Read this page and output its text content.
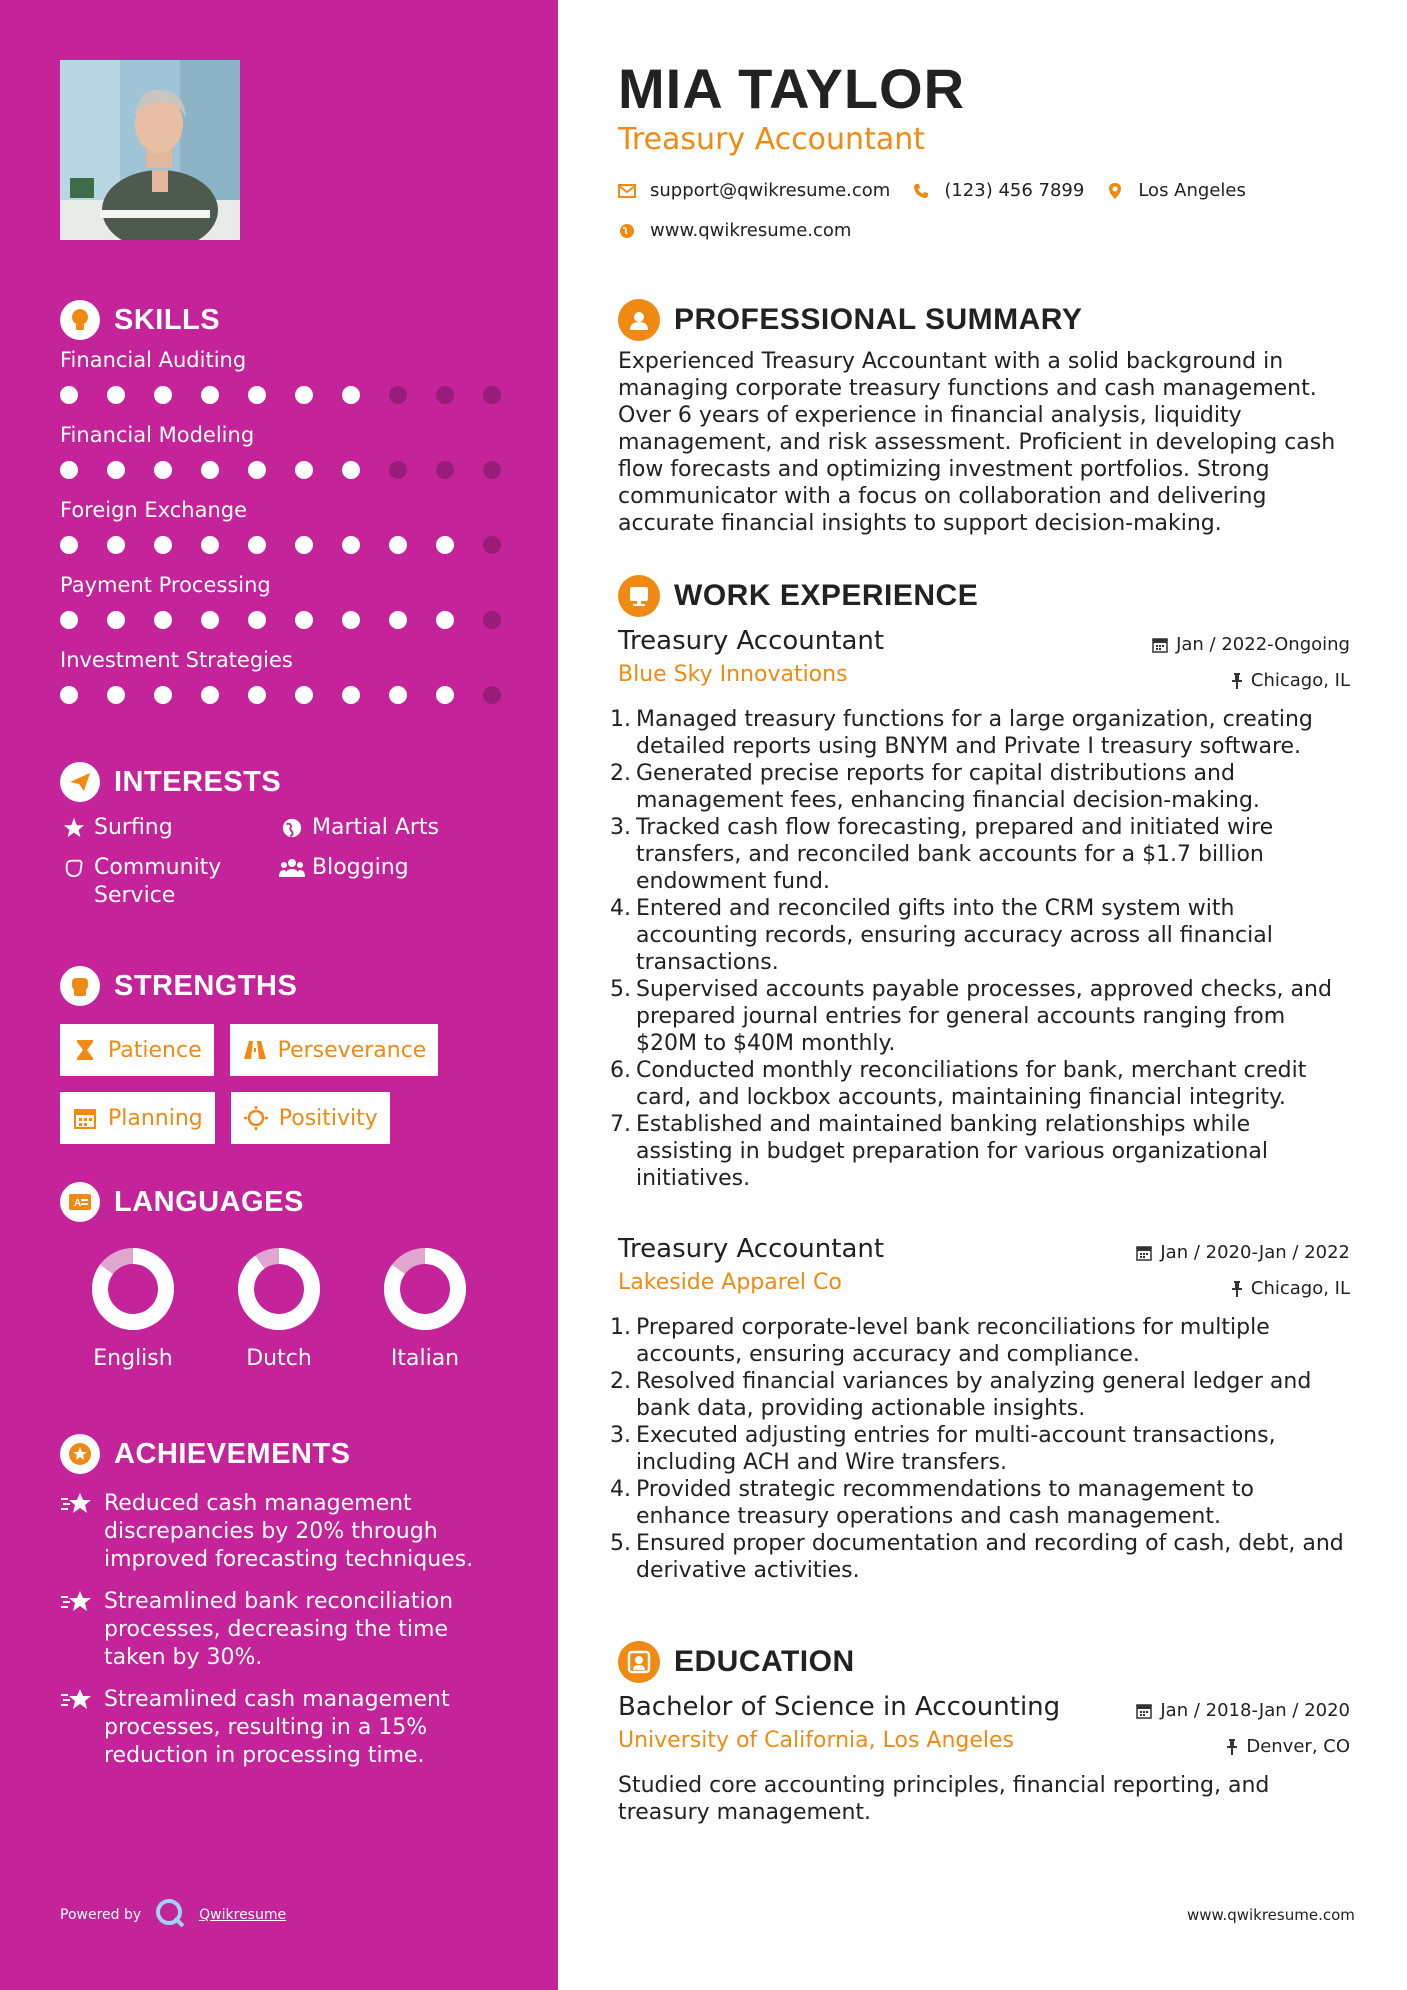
SKILLS
Financial Auditing
Financial Modeling
Foreign Exchange
Payment Processing
Investment Strategies
INTERESTS
Surfing	Martial Arts
Community Service
Blogging
STRENGTHS
Patience	Perseverance
Planning	Positivity
A LANGUAGES
English	Dutch	Italian
ACHIEVEMENTS
Reduced cash management discrepancies by 20% through improved forecasting techniques.
Streamlined bank reconciliation processes, decreasing the time taken by 30%.
Streamlined cash management processes, resulting in a 15% reduction in processing time.
Powered by	Qwikresume
MIA TAYLOR
Treasury Accountant
support@qwikresume.com	(123) 456 7899	Los Angeles
www.qwikresume.com
PROFESSIONAL SUMMARY
Experienced Treasury Accountant with a solid background in managing corporate treasury functions and cash management. Over 6 years of experience in financial analysis, liquidity management, and risk assessment. Proficient in developing cash flow forecasts and optimizing investment portfolios. Strong communicator with a focus on collaboration and delivering accurate financial insights to support decision-making.
WORK EXPERIENCE
Treasury Accountant
Blue Sky Innovations
Jan / 2022-Ongoing
Chicago, IL
1. Managed treasury functions for a large organization, creating detailed reports using BNYM and Private I treasury software.
2. Generated precise reports for capital distributions and management fees, enhancing financial decision-making.
3. Tracked cash flow forecasting, prepared and initiated wire transfers, and reconciled bank accounts for a $1.7 billion endowment fund.
4. Entered and reconciled gifts into the CRM system with accounting records, ensuring accuracy across all financial transactions.
5. Supervised accounts payable processes, approved checks, and prepared journal entries for general accounts ranging from $20M to $40M monthly.
6. Conducted monthly reconciliations for bank, merchant credit card, and lockbox accounts, maintaining financial integrity.
7. Established and maintained banking relationships while assisting in budget preparation for various organizational initiatives.
Treasury Accountant
Lakeside Apparel Co
Jan / 2020-Jan / 2022
Chicago, IL
1. Prepared corporate-level bank reconciliations for multiple accounts, ensuring accuracy and compliance.
2. Resolved financial variances by analyzing general ledger and bank data, providing actionable insights.
3. Executed adjusting entries for multi-account transactions, including ACH and Wire transfers.
4. Provided strategic recommendations to management to enhance treasury operations and cash management.
5. Ensured proper documentation and recording of cash, debt, and derivative activities.
EDUCATION
Bachelor of Science in Accounting
University of California, Los Angeles
Jan / 2018-Jan / 2020
Denver, CO
Studied core accounting principles, financial reporting, and treasury management.
www.qwikresume.com
